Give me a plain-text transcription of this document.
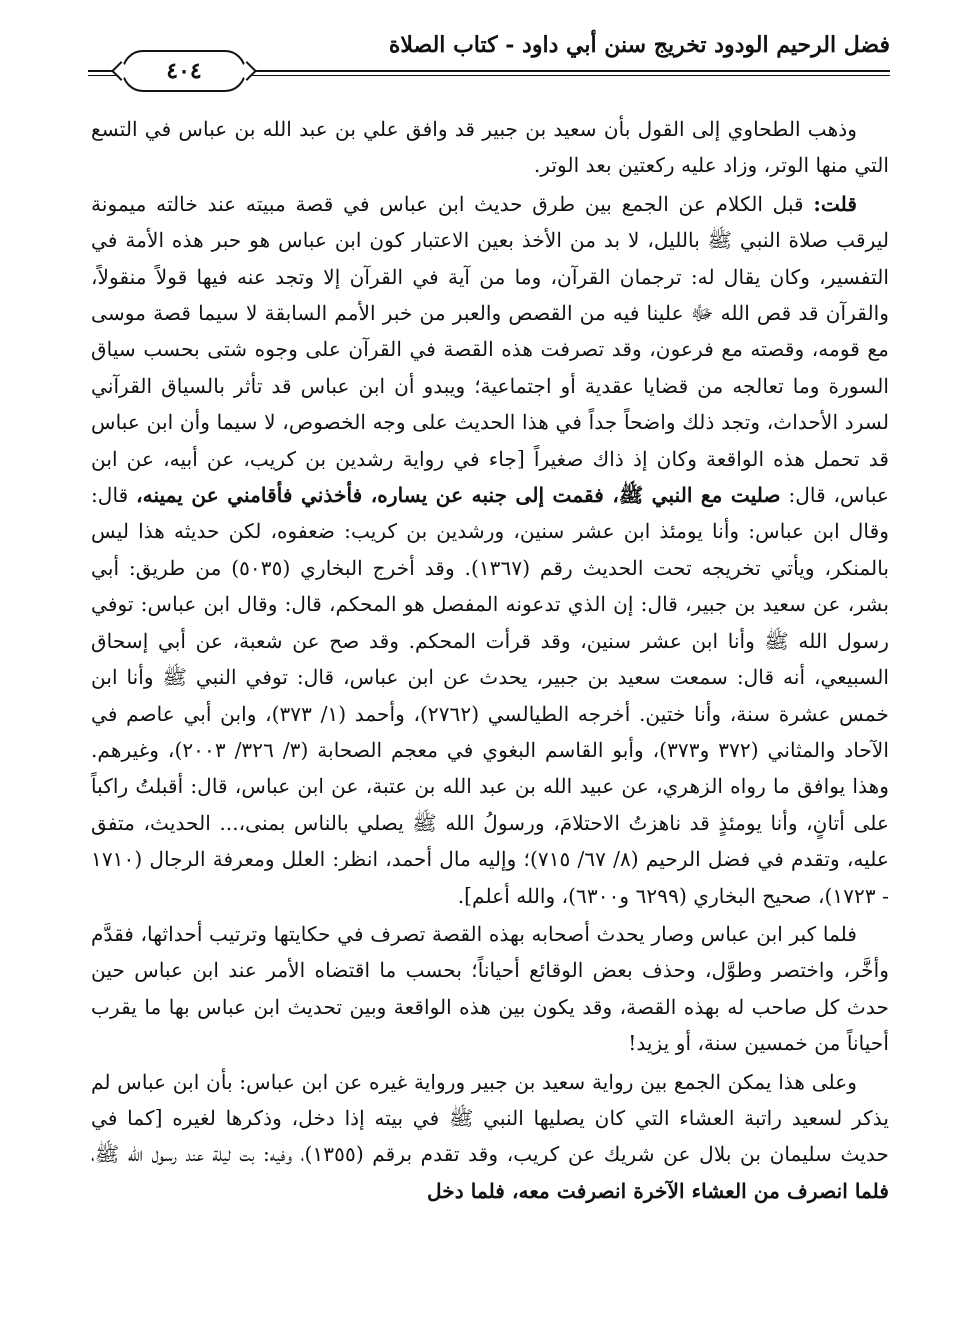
فضل الرحيم الودود تخريج سنن أبي داود - كتاب الصلاة
٤٠٤

وذهب الطحاوي إلى القول بأن سعيد بن جبير قد وافق علي بن عبد الله بن عباس في التسع التي منها الوتر، وزاد عليه ركعتين بعد الوتر.

قلت: قبل الكلام عن الجمع بين طرق حديث ابن عباس في قصة مبيته عند خالته ميمونة ليرقب صلاة النبي ﷺ بالليل، لا بد من الأخذ بعين الاعتبار كون ابن عباس هو حبر هذه الأمة في التفسير، وكان يقال له: ترجمان القرآن، وما من آية في القرآن إلا وتجد عنه فيها قولاً منقولاً، والقرآن قد قص الله ﷻ علينا فيه من القصص والعبر من خبر الأمم السابقة لا سيما قصة موسى مع قومه، وقصته مع فرعون، وقد تصرفت هذه القصة في القرآن على وجوه شتى بحسب سياق السورة وما تعالجه من قضايا عقدية أو اجتماعية؛ ويبدو أن ابن عباس قد تأثر بالسياق القرآني لسرد الأحداث، وتجد ذلك واضحاً جداً في هذا الحديث على وجه الخصوص، لا سيما وأن ابن عباس قد تحمل هذه الواقعة وكان إذ ذاك صغيراً [جاء في رواية رشدين بن كريب، عن أبيه، عن ابن عباس، قال: صليت مع النبي ﷺ، فقمت إلى جنبه عن يساره، فأخذني فأقامني عن يمينه، قال: وقال ابن عباس: وأنا يومئذ ابن عشر سنين، ورشدين بن كريب: ضعفوه، لكن حديثه هذا ليس بالمنكر، ويأتي تخريجه تحت الحديث رقم (١٣٦٧). وقد أخرج البخاري (٥٠٣٥) من طريق: أبي بشر، عن سعيد بن جبير، قال: إن الذي تدعونه المفصل هو المحكم، قال: وقال ابن عباس: توفي رسول الله ﷺ وأنا ابن عشر سنين، وقد قرأت المحكم. وقد صح عن شعبة، عن أبي إسحاق السبيعي، أنه قال: سمعت سعيد بن جبير، يحدث عن ابن عباس، قال: توفي النبي ﷺ وأنا ابن خمس عشرة سنة، وأنا ختين. أخرجه الطيالسي (٢٧٦٢)، وأحمد (١/ ٣٧٣)، وابن أبي عاصم في الآحاد والمثاني (٣٧٢ و٣٧٣)، وأبو القاسم البغوي في معجم الصحابة (٣/ ٣٢٦/ ٢٠٠٣)، وغيرهم. وهذا يوافق ما رواه الزهري، عن عبيد الله بن عبد الله بن عتبة، عن ابن عباس، قال: أقبلتُ راكباً على أتانٍ، وأنا يومئذٍ قد ناهزتُ الاحتلامَ، ورسولُ الله ﷺ يصلي بالناس بمنى،... الحديث، متفق عليه، وتقدم في فضل الرحيم (٨/ ٦٧/ ٧١٥)؛ وإليه مال أحمد، انظر: العلل ومعرفة الرجال (١٧١٠ - ١٧٢٣)، صحيح البخاري (٦٢٩٩ و٦٣٠٠)، والله أعلم].

فلما كبر ابن عباس وصار يحدث أصحابه بهذه القصة تصرف في حكايتها وترتيب أحداثها، فقدَّم وأخَّر، واختصر وطوَّل، وحذف بعض الوقائع أحياناً؛ بحسب ما اقتضاه الأمر عند ابن عباس حين حدث كل صاحب له بهذه القصة، وقد يكون بين هذه الواقعة وبين تحديث ابن عباس بها ما يقرب أحياناً من خمسين سنة، أو يزيد!

وعلى هذا يمكن الجمع بين رواية سعيد بن جبير ورواية غيره عن ابن عباس: بأن ابن عباس لم يذكر لسعيد راتبة العشاء التي كان يصليها النبي ﷺ في بيته إذا دخل، وذكرها لغيره [كما في حديث سليمان بن بلال عن شريك عن كريب، وقد تقدم برقم (١٣٥٥)، وفيه: بت ليلة عند رسول الله ﷺ، فلما انصرف من العشاء الآخرة انصرفت معه، فلما دخل
